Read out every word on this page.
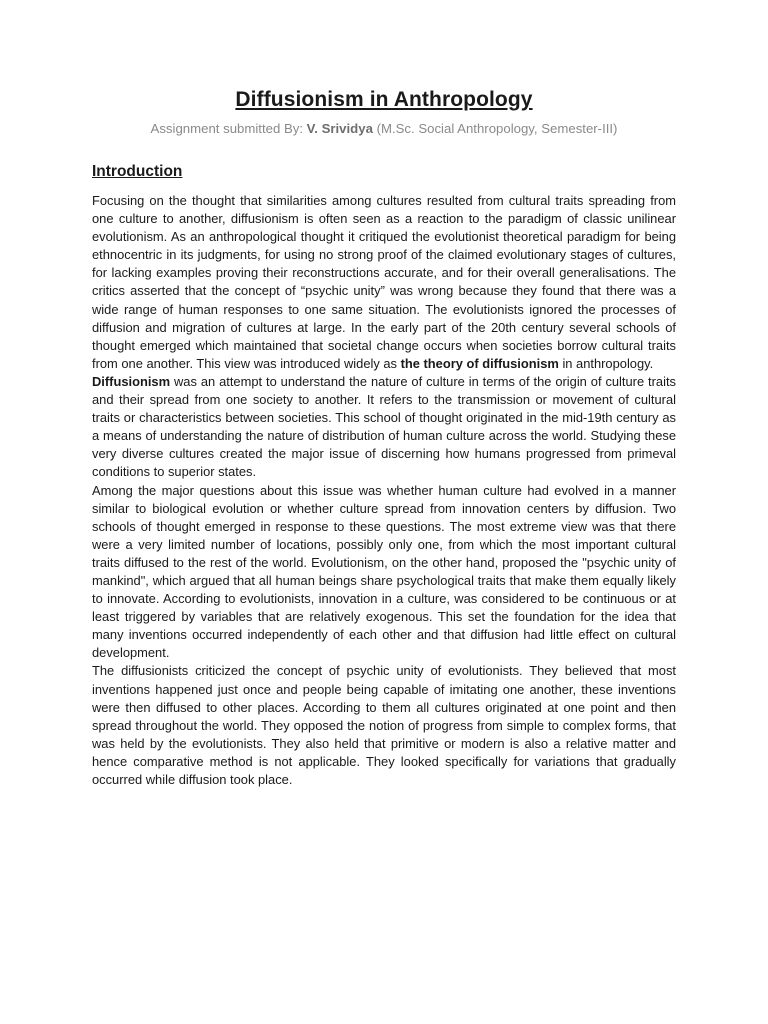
Diffusionism in Anthropology
Assignment submitted By: V. Srividya (M.Sc. Social Anthropology, Semester-III)
Introduction

Focusing on the thought that similarities among cultures resulted from cultural traits spreading from one culture to another, diffusionism is often seen as a reaction to the paradigm of classic unilinear evolutionism. As an anthropological thought it critiqued the evolutionist theoretical paradigm for being ethnocentric in its judgments, for using no strong proof of the claimed evolutionary stages of cultures, for lacking examples proving their reconstructions accurate, and for their overall generalisations. The critics asserted that the concept of “psychic unity” was wrong because they found that there was a wide range of human responses to one same situation. The evolutionists ignored the processes of diffusion and migration of cultures at large. In the early part of the 20th century several schools of thought emerged which maintained that societal change occurs when societies borrow cultural traits from one another. This view was introduced widely as the theory of diffusionism in anthropology.

Diffusionism was an attempt to understand the nature of culture in terms of the origin of culture traits and their spread from one society to another. It refers to the transmission or movement of cultural traits or characteristics between societies. This school of thought originated in the mid-19th century as a means of understanding the nature of distribution of human culture across the world. Studying these very diverse cultures created the major issue of discerning how humans progressed from primeval conditions to superior states.

Among the major questions about this issue was whether human culture had evolved in a manner similar to biological evolution or whether culture spread from innovation centers by diffusion. Two schools of thought emerged in response to these questions. The most extreme view was that there were a very limited number of locations, possibly only one, from which the most important cultural traits diffused to the rest of the world. Evolutionism, on the other hand, proposed the "psychic unity of mankind", which argued that all human beings share psychological traits that make them equally likely to innovate. According to evolutionists, innovation in a culture, was considered to be continuous or at least triggered by variables that are relatively exogenous. This set the foundation for the idea that many inventions occurred independently of each other and that diffusion had little effect on cultural development.

The diffusionists criticized the concept of psychic unity of evolutionists. They believed that most inventions happened just once and people being capable of imitating one another, these inventions were then diffused to other places. According to them all cultures originated at one point and then spread throughout the world. They opposed the notion of progress from simple to complex forms, that was held by the evolutionists. They also held that primitive or modern is also a relative matter and hence comparative method is not applicable. They looked specifically for variations that gradually occurred while diffusion took place.
